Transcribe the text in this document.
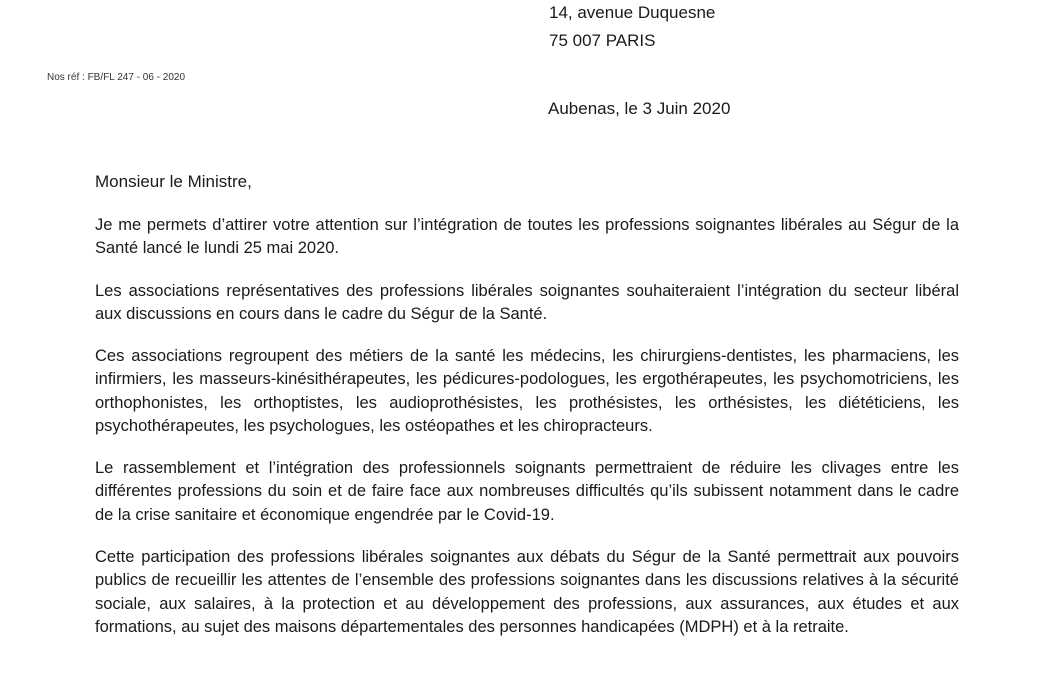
14, avenue Duquesne
75 007 PARIS
Nos réf : FB/FL 247 - 06 - 2020
Aubenas, le 3 Juin 2020
Monsieur le Ministre,

Je me permets d’attirer votre attention sur l’intégration de toutes les professions soignantes libérales au Ségur de la Santé lancé le lundi 25 mai 2020.

Les associations représentatives des professions libérales soignantes souhaiteraient l’intégration du secteur libéral aux discussions en cours dans le cadre du Ségur de la Santé.

Ces associations regroupent des métiers de la santé les médecins, les chirurgiens-dentistes, les pharmaciens, les infirmiers, les masseurs-kinésithérapeutes, les pédicures-podologues, les ergothérapeutes, les psychomotriciens, les orthophonistes, les orthoptistes, les audioprothésistes, les prothésistes, les orthésistes, les diététiciens, les psychothérapeutes, les psychologues, les ostéopathes et les chiropracteurs.

Le rassemblement et l’intégration des professionnels soignants permettraient de réduire les clivages entre les différentes professions du soin et de faire face aux nombreuses difficultés qu’ils subissent notamment dans le cadre de la crise sanitaire et économique engendrée par le Covid-19.

Cette participation des professions libérales soignantes aux débats du Ségur de la Santé permettrait aux pouvoirs publics de recueillir les attentes de l’ensemble des professions soignantes dans les discussions relatives à la sécurité sociale, aux salaires, à la protection et au développement des professions, aux assurances, aux études et aux formations, au sujet des maisons départementales des personnes handicapées (MDPH) et à la retraite.
